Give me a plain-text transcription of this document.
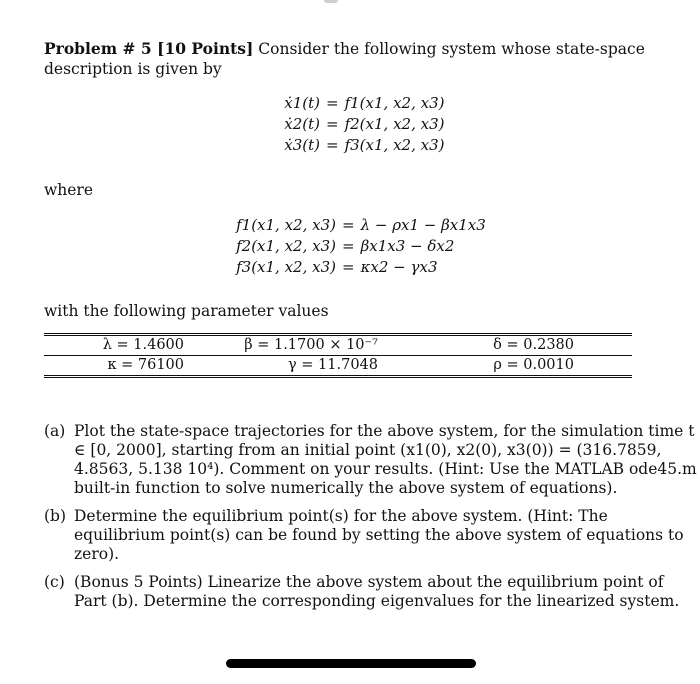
Problem # 5 [10 Points] Consider the following system whose state-space description is given by
ẋ1(t) = f1(x1, x2, x3)
ẋ2(t) = f2(x1, x2, x3)
ẋ3(t) = f3(x1, x2, x3)
where
f1(x1, x2, x3) = λ − ρx1 − βx1x3
f2(x1, x2, x3) = βx1x3 − δx2
f3(x1, x2, x3) = κx2 − γx3
with the following parameter values
λ = 1.4600	β = 1.1700 × 10⁻⁷	δ = 0.2380
κ = 76100	γ = 11.7048	ρ = 0.0010
(a) Plot the state-space trajectories for the above system, for the simulation time t ∈ [0, 2000], starting from an initial point (x1(0), x2(0), x3(0)) = (316.7859, 4.8563, 5.138 10⁴). Comment on your results. (Hint: Use the MATLAB ode45.m built-in function to solve numerically the above system of equations).
(b) Determine the equilibrium point(s) for the above system. (Hint: The equilibrium point(s) can be found by setting the above system of equations to zero).
(c) (Bonus 5 Points) Linearize the above system about the equilibrium point of Part (b). Determine the corresponding eigenvalues for the linearized system.
